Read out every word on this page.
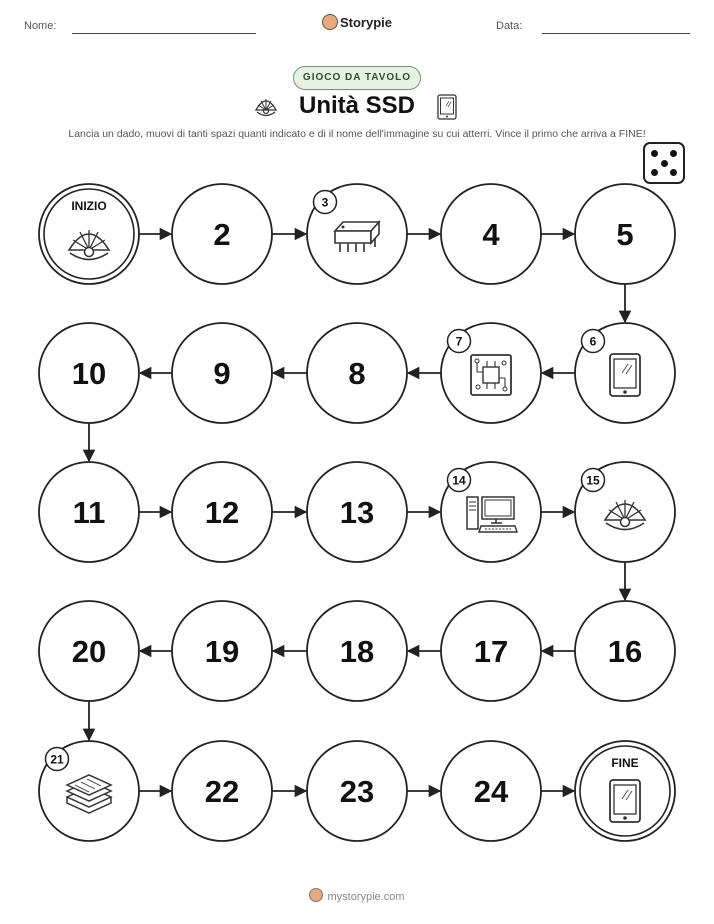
Nome:	Storypie	Data:
GIOCO DA TAVOLO
Unità SSD
Lancia un dado, muovi di tanti spazi quanti indicato e di il nome dell'immagine su cui atterri. Vince il primo che arriva a FINE!
INIZIO
2
3
4	5
6
7
8
9
10
11	12	13
14	15
16
17
18
19
20
21
22	23	24
FINE
mystorypie.com
